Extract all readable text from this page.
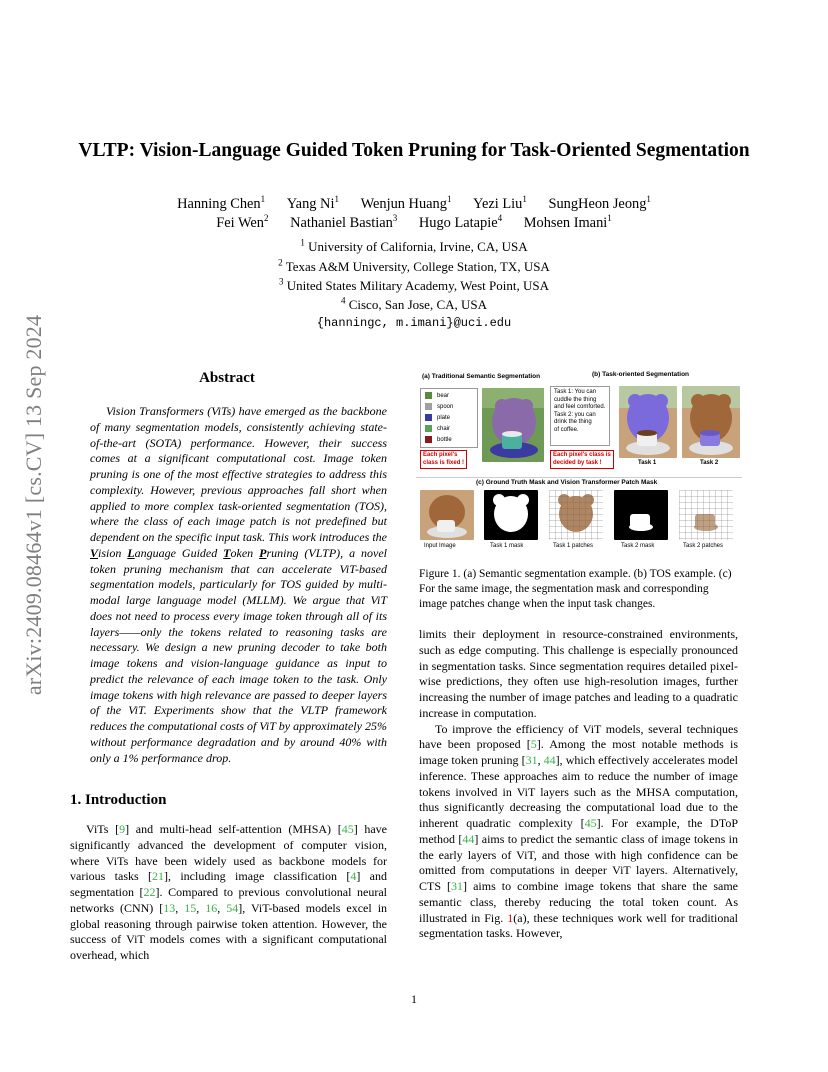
arXiv:2409.08464v1 [cs.CV] 13 Sep 2024
VLTP: Vision-Language Guided Token Pruning for Task-Oriented Segmentation
Hanning Chen$^1$ Yang Ni$^1$ Wenjun Huang$^1$ Yezi Liu$^1$ SungHeon Jeong$^1$
Fei Wen$^2$ Nathaniel Bastian$^3$ Hugo Latapie$^4$ Mohsen Imani$^1$
$^1$ University of California, Irvine, CA, USA
$^2$ Texas A&M University, College Station, TX, USA
$^3$ United States Military Academy, West Point, USA
$^4$ Cisco, San Jose, CA, USA
{hanningc, m.imani}@uci.edu
Abstract
Vision Transformers (ViTs) have emerged as the backbone of many segmentation models, consistently achieving state-of-the-art (SOTA) performance. However, their success comes at a significant computational cost. Image token pruning is one of the most effective strategies to address this complexity. However, previous approaches fall short when applied to more complex task-oriented segmentation (TOS), where the class of each image patch is not predefined but dependent on the specific input task. This work introduces the Vision Language Guided Token Pruning (VLTP), a novel token pruning mechanism that can accelerate ViT-based segmentation models, particularly for TOS guided by multi-modal large language model (MLLM). We argue that ViT does not need to process every image token through all of its layers——only the tokens related to reasoning tasks are necessary. We design a new pruning decoder to take both image tokens and vision-language guidance as input to predict the relevance of each image token to the task. Only image tokens with high relevance are passed to deeper layers of the ViT. Experiments show that the VLTP framework reduces the computational costs of ViT by approximately 25% without performance degradation and by around 40% with only a 1% performance drop.
1. Introduction
ViTs [9] and multi-head self-attention (MHSA) [45] have significantly advanced the development of computer vision, where ViTs have been widely used as backbone models for various tasks [21], including image classification [4] and segmentation [22]. Compared to previous convolutional neural networks (CNN) [13, 15, 16, 54], ViT-based models excel in global reasoning through pairwise token attention. However, the success of ViT models comes with a significant computational overhead, which
(a) Traditional Semantic Segmentation	(b) Task-oriented Segmentation
bear
spoon
plate
chair
bottle
Each pixel's
class is fixed !
Task 1: You can
cuddle the thing
and feel comforted.
Task 2: you can
drink the thing
of coffee.
Each pixel's class is
decided by task !	Task 1	Task 2
(c) Ground Truth Mask and Vision Transformer Patch Mask
Input Image	Task 1 mask	Task 1 patches	Task 2 mask	Task 2 patches
Figure 1. (a) Semantic segmentation example. (b) TOS example. (c) For the same image, the segmentation mask and corresponding image patches change when the input task changes.

limits their deployment in resource-constrained environments, such as edge computing. This challenge is especially pronounced in segmentation tasks. Since segmentation requires detailed pixel-wise predictions, they often use high-resolution images, further increasing the number of image patches and leading to a quadratic increase in computation.

To improve the efficiency of ViT models, several techniques have been proposed [5]. Among the most notable methods is image token pruning [31, 44], which effectively accelerates model inference. These approaches aim to reduce the number of image tokens involved in ViT layers such as the MHSA computation, thus significantly decreasing the computational load due to the inherent quadratic complexity [45]. For example, the DToP method [44] aims to predict the semantic class of image tokens in the early layers of ViT, and those with high confidence can be omitted from computations in deeper ViT layers. Alternatively, CTS [31] aims to combine image tokens that share the same semantic class, thereby reducing the total token count. As illustrated in Fig. 1(a), these techniques work well for traditional segmentation tasks. However,

1
